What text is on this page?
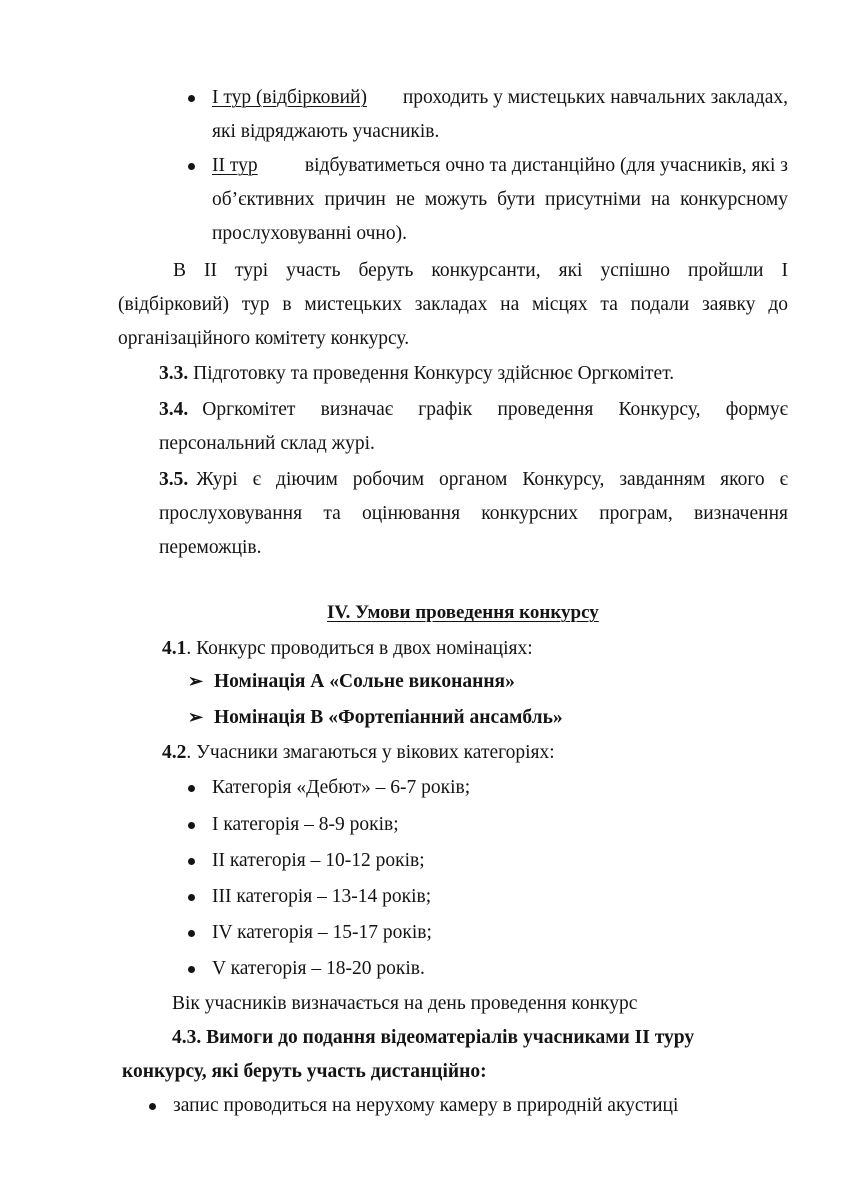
І тур (відбірковий) проходить у мистецьких навчальних закладах,
які відряджають учасників.
ІІ тур відбуватиметься очно та дистанційно (для учасників, які з
об’єктивних причин не можуть бути присутніми на конкурсному
прослуховуванні очно).
В ІІ турі участь беруть конкурсанти, які успішно пройшли І
(відбірковий) тур в мистецьких закладах на місцях та подали заявку до
організаційного комітету конкурсу.
3.3. Підготовку та проведення Конкурсу здійснює Оргкомітет.
3.4. Оргкомітет визначає графік проведення Конкурсу, формує
персональний склад журі.
3.5. Журі є діючим робочим органом Конкурсу, завданням якого є
прослуховування та оцінювання конкурсних програм, визначення
переможців.
IV. Умови проведення конкурсу
4.1. Конкурс проводиться в двох номінаціях:
➢ Номінація А «Сольне виконання»
➢ Номінація В «Фортепіанний ансамбль»
4.2. Учасники змагаються у вікових категоріях:
Категорія «Дебют» – 6-7 років;
І категорія – 8-9 років;
ІІ категорія – 10-12 років;
ІІІ категорія – 13-14 років;
ІV категорія – 15-17 років;
V категорія – 18-20 років.
Вік учасників визначається на день проведення конкурс
4.3. Вимоги до подання відеоматеріалів учасниками ІІ туру
конкурсу, які беруть участь дистанційно:
запис проводиться на нерухому камеру в природній акустиці
